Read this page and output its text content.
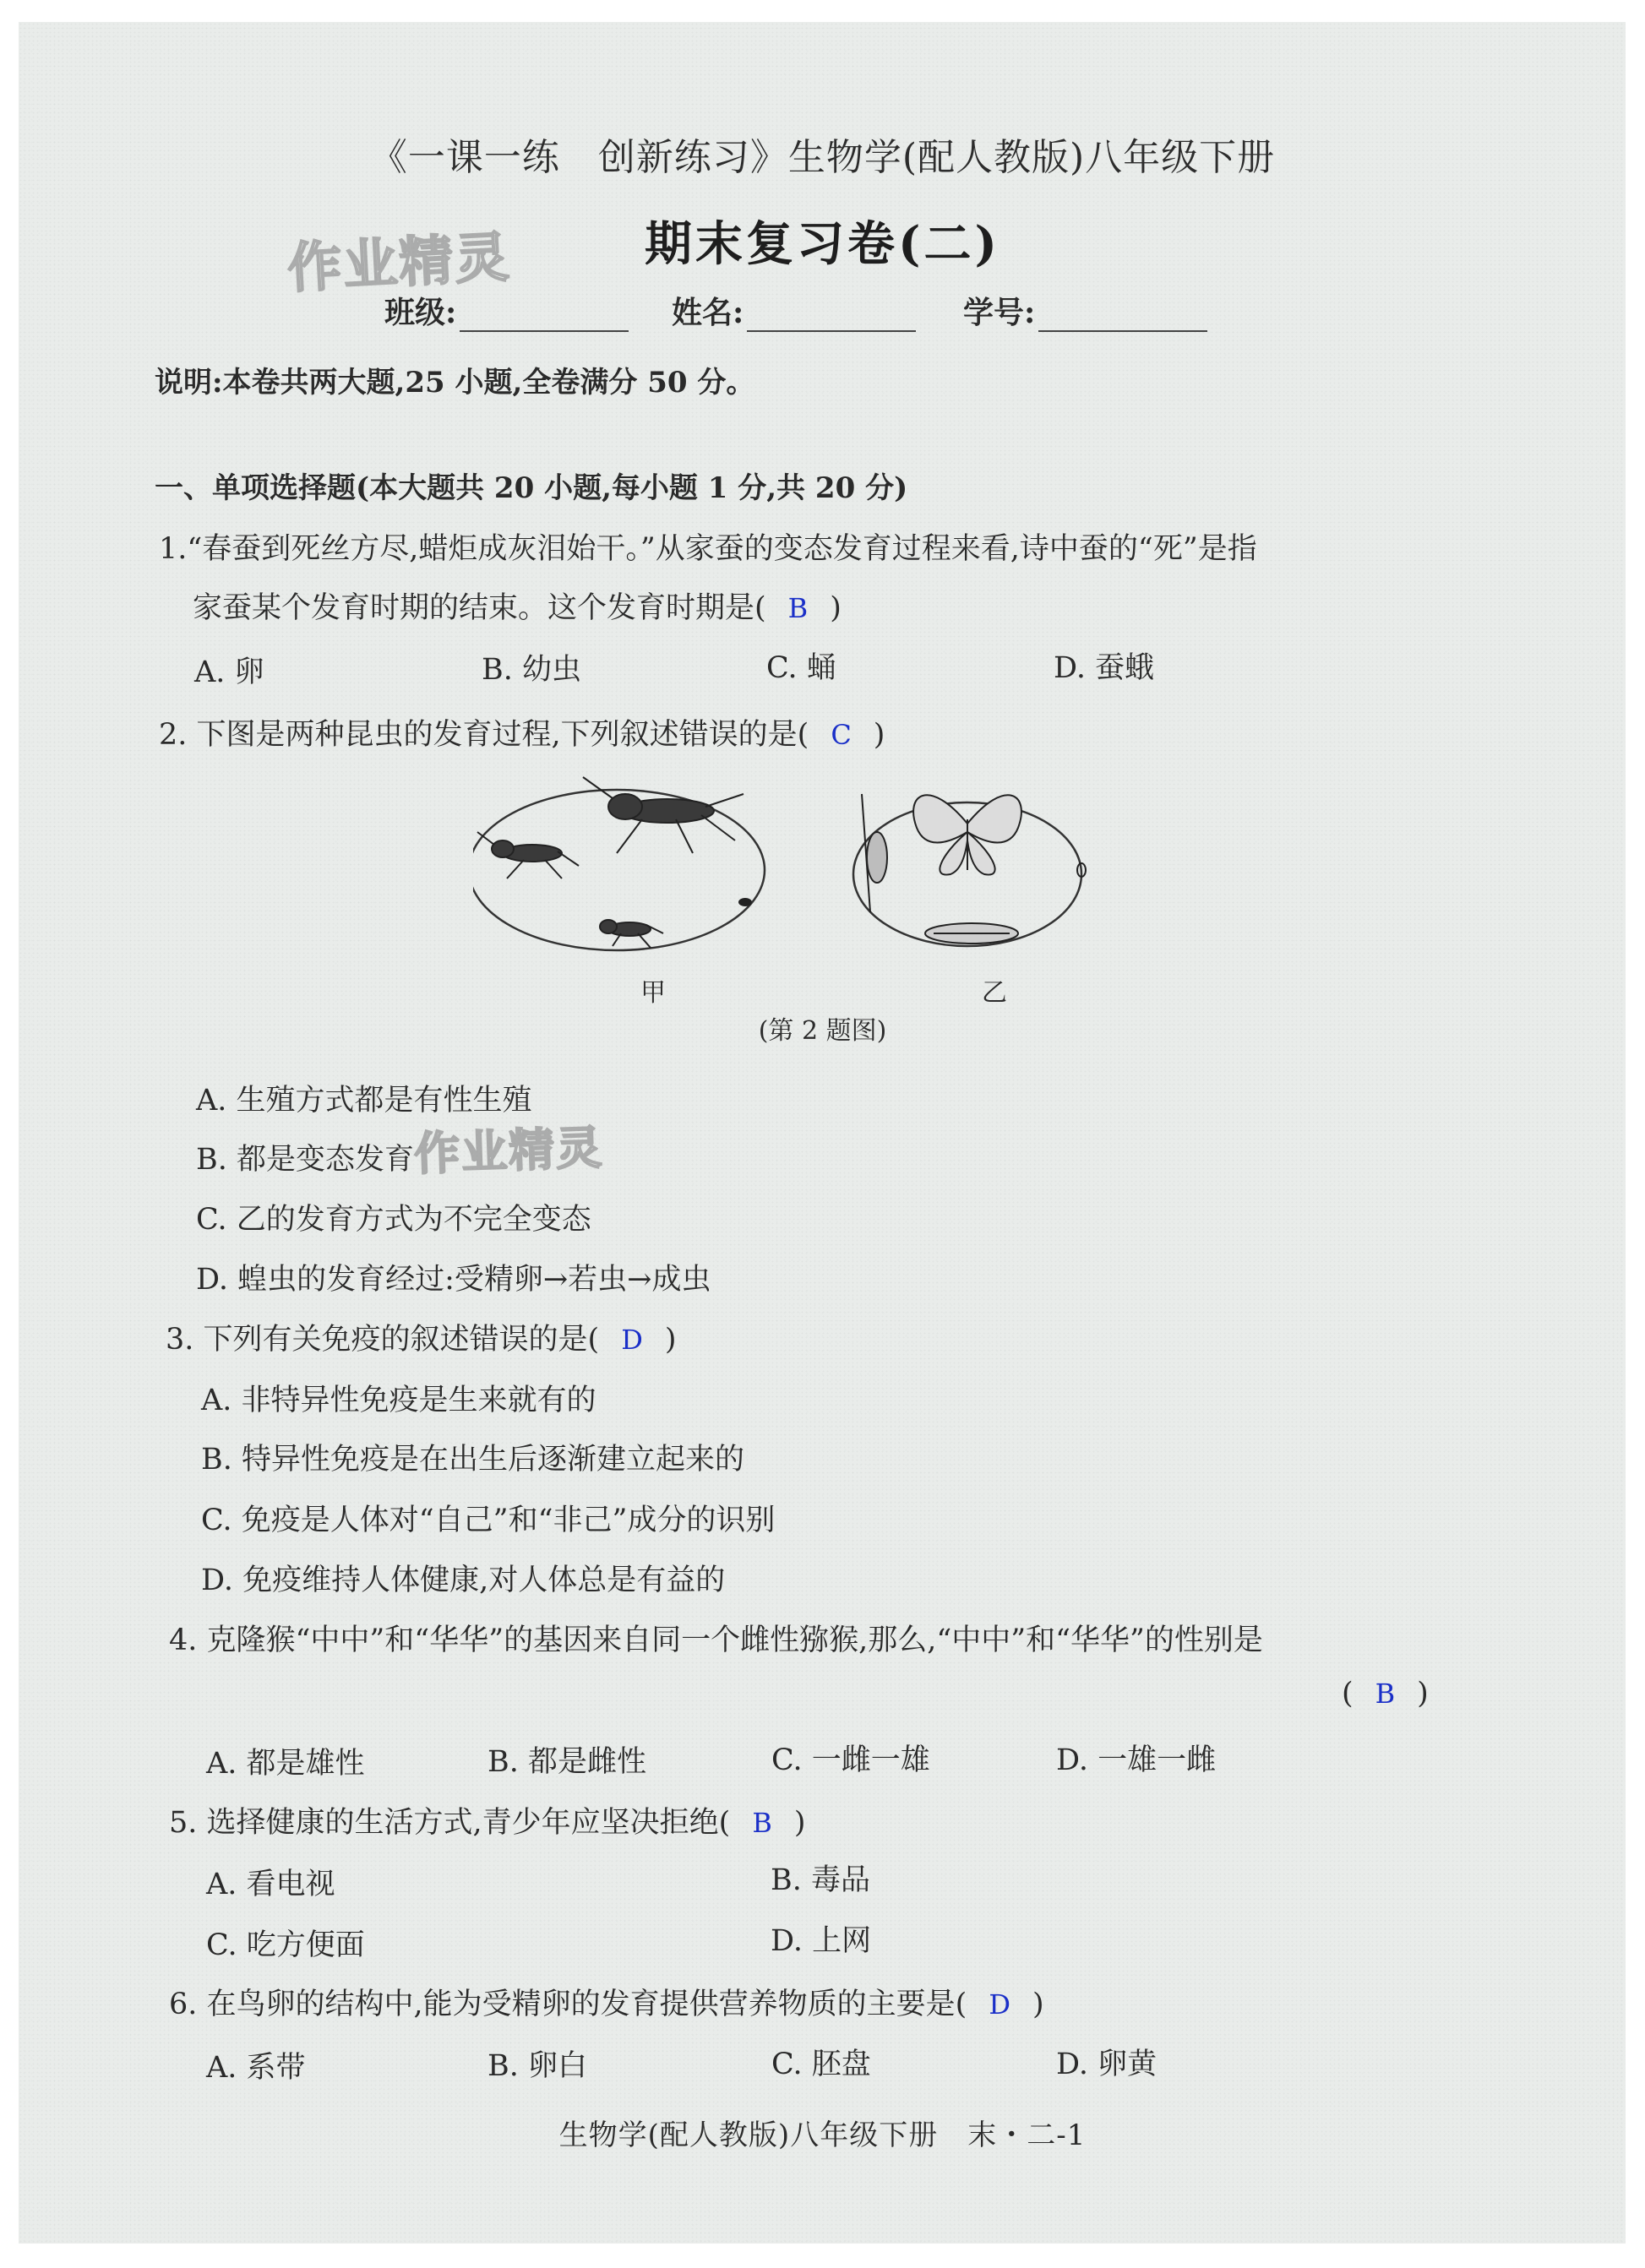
《一课一练　创新练习》生物学(配人教版)八年级下册
期末复习卷(二)
作业精灵
作业精灵
班级:	姓名:	学号:
说明:本卷共两大题,25 小题,全卷满分 50 分。
一、单项选择题(本大题共 20 小题,每小题 1 分,共 20 分)
1.“春蚕到死丝方尽,蜡炬成灰泪始干。”从家蚕的变态发育过程来看,诗中蚕的“死”是指
家蚕某个发育时期的结束。这个发育时期是( B )
A. 卵	B. 幼虫	C. 蛹	D. 蚕蛾
2. 下图是两种昆虫的发育过程,下列叙述错误的是( C )
甲	乙
(第 2 题图)
A. 生殖方式都是有性生殖
B. 都是变态发育
C. 乙的发育方式为不完全变态
D. 蝗虫的发育经过:受精卵→若虫→成虫
3. 下列有关免疫的叙述错误的是( D )
A. 非特异性免疫是生来就有的
B. 特异性免疫是在出生后逐渐建立起来的
C. 免疫是人体对“自己”和“非己”成分的识别
D. 免疫维持人体健康,对人体总是有益的
4. 克隆猴“中中”和“华华”的基因来自同一个雌性猕猴,那么,“中中”和“华华”的性别是
( B )
A. 都是雄性	B. 都是雌性	C. 一雌一雄	D. 一雄一雌
5. 选择健康的生活方式,青少年应坚决拒绝( B )
A. 看电视	B. 毒品
C. 吃方便面	D. 上网
6. 在鸟卵的结构中,能为受精卵的发育提供营养物质的主要是( D )
A. 系带	B. 卵白	C. 胚盘	D. 卵黄
生物学(配人教版)八年级下册　末・二-1
